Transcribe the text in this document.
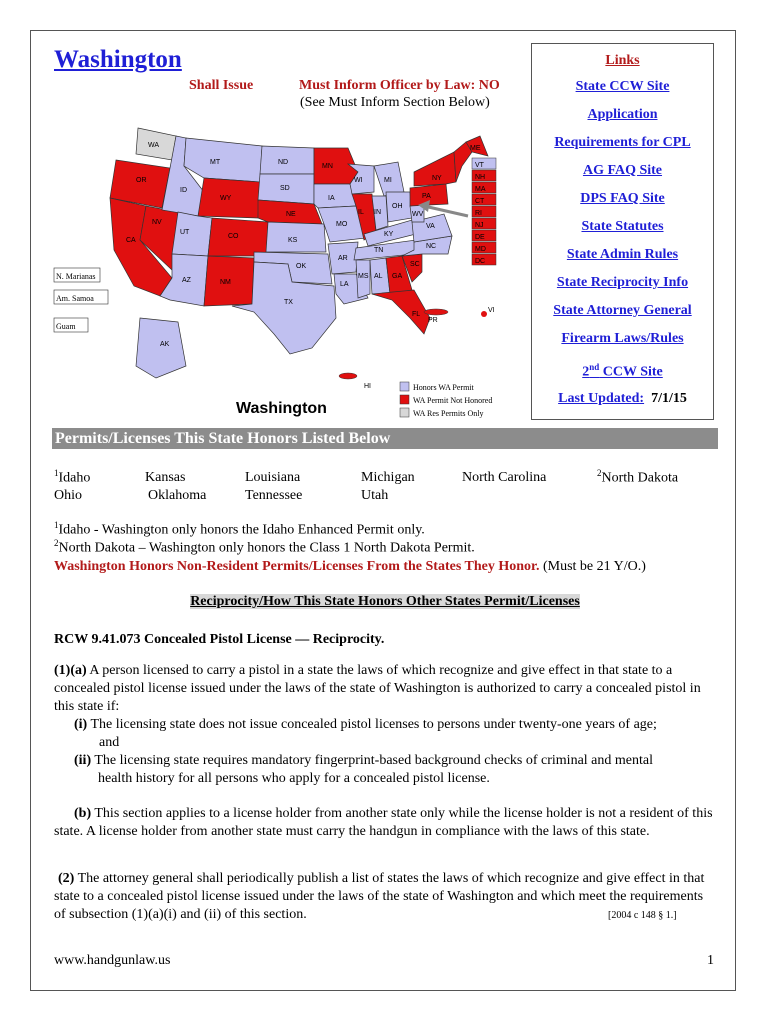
Washington
Shall Issue	Must Inform Officer by Law: NO
(See Must Inform Section Below)
Links
State CCW Site
Application
Requirements for CPL
AG FAQ Site
DPS FAQ Site
State Statutes
State Admin Rules
State Reciprocity Info
State Attorney General
Firearm Laws/Rules
2nd CCW Site
Last Updated: 7/1/15
N. Marianas
Am. Samoa
Guam
WA
OR
CA
NV
ID
MT
WY
UT
AZ
CO
NM
ND
SD
NE
KS
OK
TX
MN
IA
MO
AR
LA
WI
IL
MI
IN
OH
KY
TN
MS AL GA
FL
SC
NC
VA
WV
PA
NY
ME
AK
HI
PR
VI
VT
NH
MA
CT
RI
NJ
DE
MD
DC
Washington
Honors WA Permit
WA Permit Not Honored
WA Res Permits Only
Permits/Licenses This State Honors Listed Below
$^1$Idaho	Kansas	Louisiana	Michigan	North Carolina	$^2$North Dakota
Ohio	Oklahoma	Tennessee	Utah
$^1$Idaho - Washington only honors the Idaho Enhanced Permit only.
$^2$North Dakota – Washington only honors the Class 1 North Dakota Permit.
Washington Honors Non-Resident Permits/Licenses From the States They Honor. (Must be 21 Y/O.)
Reciprocity/How This State Honors Other States Permit/Licenses
RCW 9.41.073 Concealed Pistol License — Reciprocity.
(1)(a) A person licensed to carry a pistol in a state the laws of which recognize and give effect in that state to a concealed pistol license issued under the laws of the state of Washington is authorized to carry a concealed pistol in this state if:
(i) The licensing state does not issue concealed pistol licenses to persons under twenty-one years of age;
and
(ii) The licensing state requires mandatory fingerprint-based background checks of criminal and mental
health history for all persons who apply for a concealed pistol license.
(b) This section applies to a license holder from another state only while the license holder is not a resident of this state. A license holder from another state must carry the handgun in compliance with the laws of this state.
(2) The attorney general shall periodically publish a list of states the laws of which recognize and give effect in that state to a concealed pistol license issued under the laws of the state of Washington and which meet the requirements of subsection (1)(a)(i) and (ii) of this section.	[2004 c 148 § 1.]
www.handgunlaw.us	1
